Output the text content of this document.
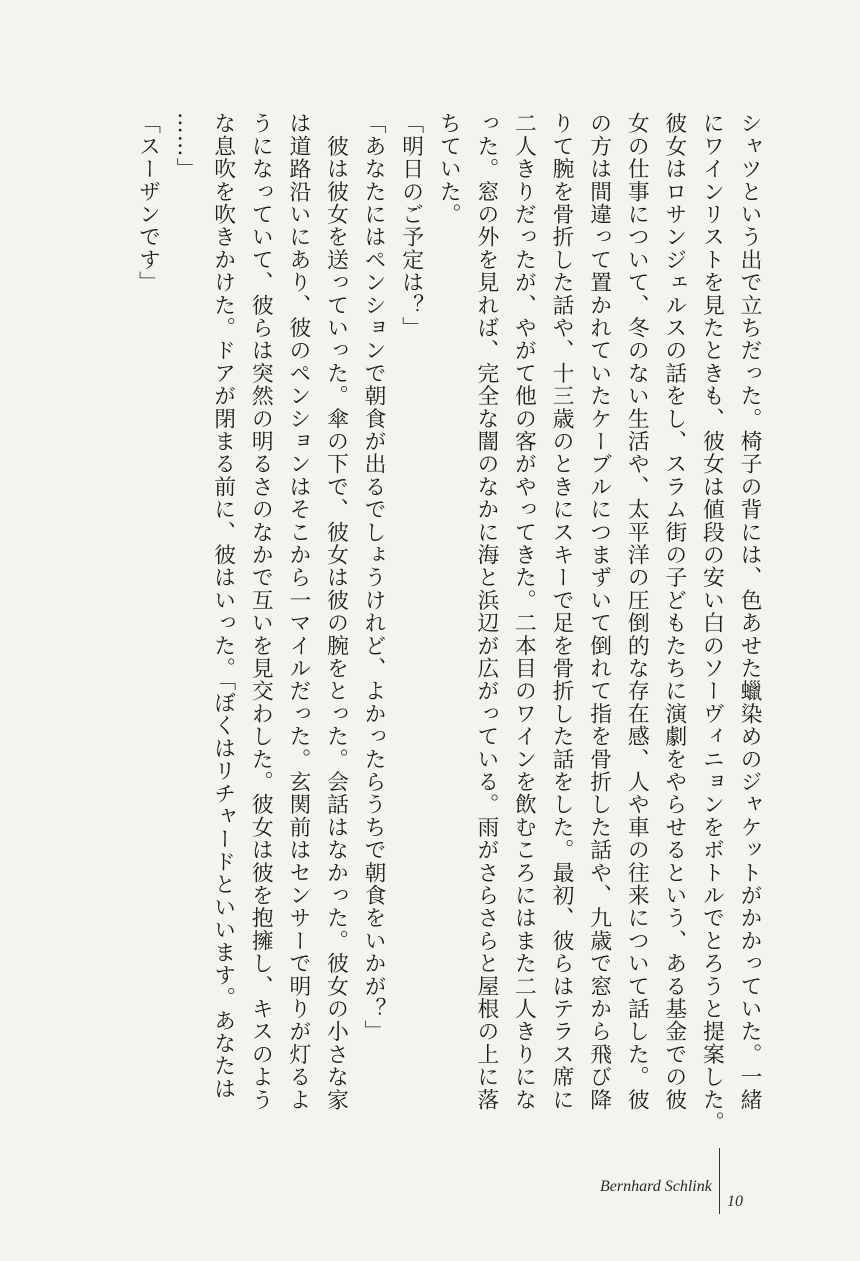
シャツという出で立ちだった。椅子の背には、色あせた蠟染めのジャケットがかかっていた。一緒
にワインリストを見たときも、彼女は値段の安い白のソーヴィニョンをボトルでとろうと提案した。
彼女はロサンジェルスの話をし、スラム街の子どもたちに演劇をやらせるという、ある基金での彼
女の仕事について、冬のない生活や、太平洋の圧倒的な存在感、人や車の往来について話した。彼
の方は間違って置かれていたケーブルにつまずいて倒れて指を骨折した話や、九歳で窓から飛び降
りて腕を骨折した話や、十三歳のときにスキーで足を骨折した話をした。最初、彼らはテラス席に
二人きりだったが、やがて他の客がやってきた。二本目のワインを飲むころにはまた二人きりにな
った。窓の外を見れば、完全な闇のなかに海と浜辺が広がっている。雨がさらさらと屋根の上に落
ちていた。
「明日のご予定は？」
「あなたにはペンションで朝食が出るでしょうけれど、よかったらうちで朝食をいかが？」
　彼は彼女を送っていった。傘の下で、彼女は彼の腕をとった。会話はなかった。彼女の小さな家
は道路沿いにあり、彼のペンションはそこから一マイルだった。玄関前はセンサーで明りが灯るよ
うになっていて、彼らは突然の明るさのなかで互いを見交わした。彼女は彼を抱擁し、キスのよう
な息吹を吹きかけた。ドアが閉まる前に、彼はいった。「ぼくはリチャードといいます。あなたは
……」
「スーザンです」
Bernhard Schlink
10
